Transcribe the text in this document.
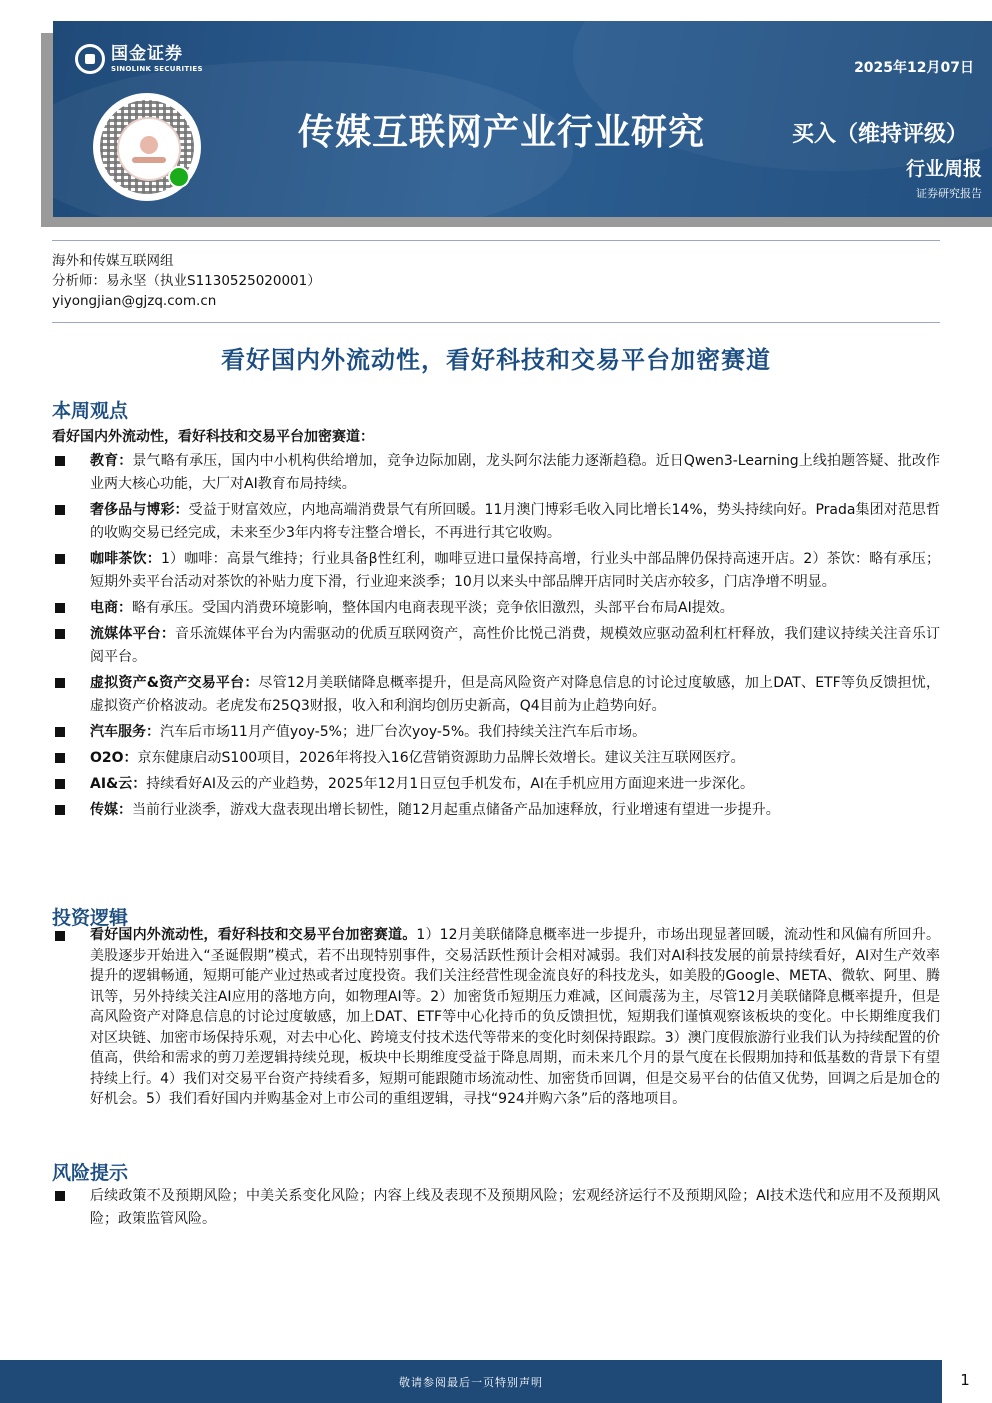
国金证券
SINOLINK SECURITIES	2025年12月07日
传媒互联网产业行业研究	买入（维持评级）
行业周报
证券研究报告
海外和传媒互联网组
分析师：易永坚（执业S1130525020001）
yiyongjian@gjzq.com.cn
看好国内外流动性，看好科技和交易平台加密赛道
本周观点
看好国内外流动性，看好科技和交易平台加密赛道：
教育：景气略有承压，国内中小机构供给增加，竞争边际加剧，龙头阿尔法能力逐渐趋稳。近日Qwen3-Learning上线拍题答疑、批改作业两大核心功能，大厂对AI教育布局持续。
奢侈品与博彩：受益于财富效应，内地高端消费景气有所回暖。11月澳门博彩毛收入同比增长14%，势头持续向好。Prada集团对范思哲的收购交易已经完成，未来至少3年内将专注整合增长，不再进行其它收购。
咖啡茶饮：1）咖啡：高景气维持；行业具备β性红利，咖啡豆进口量保持高增，行业头中部品牌仍保持高速开店。2）茶饮：略有承压；短期外卖平台活动对茶饮的补贴力度下滑，行业迎来淡季；10月以来头中部品牌开店同时关店亦较多，门店净增不明显。
电商：略有承压。受国内消费环境影响，整体国内电商表现平淡；竞争依旧激烈，头部平台布局AI提效。
流媒体平台：音乐流媒体平台为内需驱动的优质互联网资产，高性价比悦己消费，规模效应驱动盈利杠杆释放，我们建议持续关注音乐订阅平台。
虚拟资产&资产交易平台：尽管12月美联储降息概率提升，但是高风险资产对降息信息的讨论过度敏感，加上DAT、ETF等负反馈担忧，虚拟资产价格波动。老虎发布25Q3财报，收入和利润均创历史新高，Q4目前为止趋势向好。
汽车服务：汽车后市场11月产值yoy-5%；进厂台次yoy-5%。我们持续关注汽车后市场。
O2O：京东健康启动S100项目，2026年将投入16亿营销资源助力品牌长效增长。建议关注互联网医疗。
AI&云：持续看好AI及云的产业趋势，2025年12月1日豆包手机发布，AI在手机应用方面迎来进一步深化。
传媒：当前行业淡季，游戏大盘表现出增长韧性，随12月起重点储备产品加速释放，行业增速有望进一步提升。
投资逻辑
看好国内外流动性，看好科技和交易平台加密赛道。1）12月美联储降息概率进一步提升，市场出现显著回暖，流动性和风偏有所回升。美股逐步开始进入“圣诞假期”模式，若不出现特别事件，交易活跃性预计会相对减弱。我们对AI科技发展的前景持续看好，AI对生产效率提升的逻辑畅通，短期可能产业过热或者过度投资。我们关注经营性现金流良好的科技龙头，如美股的Google、META、微软、阿里、腾讯等，另外持续关注AI应用的落地方向，如物理AI等。2）加密货币短期压力难减，区间震荡为主，尽管12月美联储降息概率提升，但是高风险资产对降息信息的讨论过度敏感，加上DAT、ETF等中心化持币的负反馈担忧，短期我们谨慎观察该板块的变化。中长期维度我们对区块链、加密市场保持乐观，对去中心化、跨境支付技术迭代等带来的变化时刻保持跟踪。3）澳门度假旅游行业我们认为持续配置的价值高，供给和需求的剪刀差逻辑持续兑现，板块中长期维度受益于降息周期，而未来几个月的景气度在长假期加持和低基数的背景下有望持续上行。4）我们对交易平台资产持续看多，短期可能跟随市场流动性、加密货币回调，但是交易平台的估值又优势，回调之后是加仓的好机会。5）我们看好国内并购基金对上市公司的重组逻辑，寻找“924并购六条”后的落地项目。
风险提示
后续政策不及预期风险；中美关系变化风险；内容上线及表现不及预期风险；宏观经济运行不及预期风险；AI技术迭代和应用不及预期风险；政策监管风险。
敬请参阅最后一页特别声明	1
